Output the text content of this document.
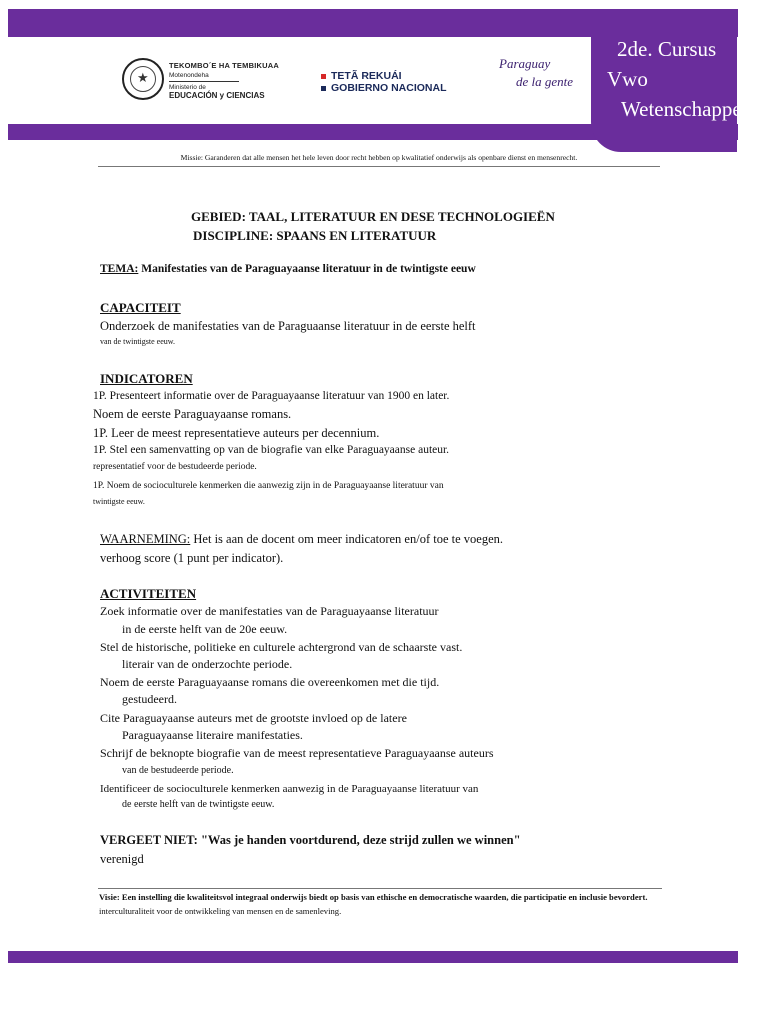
2de. Cursus
Vwo
Wetenschappen
★
TEKOMBO´E HA TEMBIKUAA
Motenondeha
Ministerio de
EDUCACIÓN y CIENCIAS
TETÃ REKUÁI
GOBIERNO NACIONAL
Paraguay
de la gente
Missie: Garanderen dat alle mensen het hele leven door recht hebben op kwalitatief onderwijs als openbare dienst en mensenrecht.
GEBIED: TAAL, LITERATUUR EN DESE TECHNOLOGIEËN
DISCIPLINE: SPAANS EN LITERATUUR
TEMA: Manifestaties van de Paraguayaanse literatuur in de twintigste eeuw
CAPACITEIT
Onderzoek de manifestaties van de Paraguaanse literatuur in de eerste helft
van de twintigste eeuw.
INDICATOREN
1P. Presenteert informatie over de Paraguayaanse literatuur van 1900 en later.
Noem de eerste Paraguayaanse romans.
1P. Leer de meest representatieve auteurs per decennium.
1P. Stel een samenvatting op van de biografie van elke Paraguayaanse auteur.
representatief voor de bestudeerde periode.
1P. Noem de socioculturele kenmerken die aanwezig zijn in de Paraguayaanse literatuur van
twintigste eeuw.
WAARNEMING: Het is aan de docent om meer indicatoren en/of toe te voegen.
verhoog score (1 punt per indicator).
ACTIVITEITEN
Zoek informatie over de manifestaties van de Paraguayaanse literatuur
in de eerste helft van de 20e eeuw.
Stel de historische, politieke en culturele achtergrond van de schaarste vast.
literair van de onderzochte periode.
Noem de eerste Paraguayaanse romans die overeenkomen met die tijd.
gestudeerd.
Cite Paraguayaanse auteurs met de grootste invloed op de latere
Paraguayaanse literaire manifestaties.
Schrijf de beknopte biografie van de meest representatieve Paraguayaanse auteurs
van de bestudeerde periode.
Identificeer de socioculturele kenmerken aanwezig in de Paraguayaanse literatuur van
de eerste helft van de twintigste eeuw.
VERGEET NIET: "Was je handen voortdurend, deze strijd zullen we winnen"
verenigd
Visie: Een instelling die kwaliteitsvol integraal onderwijs biedt op basis van ethische en democratische waarden, die participatie en inclusie bevordert.
interculturaliteit voor de ontwikkeling van mensen en de samenleving.
